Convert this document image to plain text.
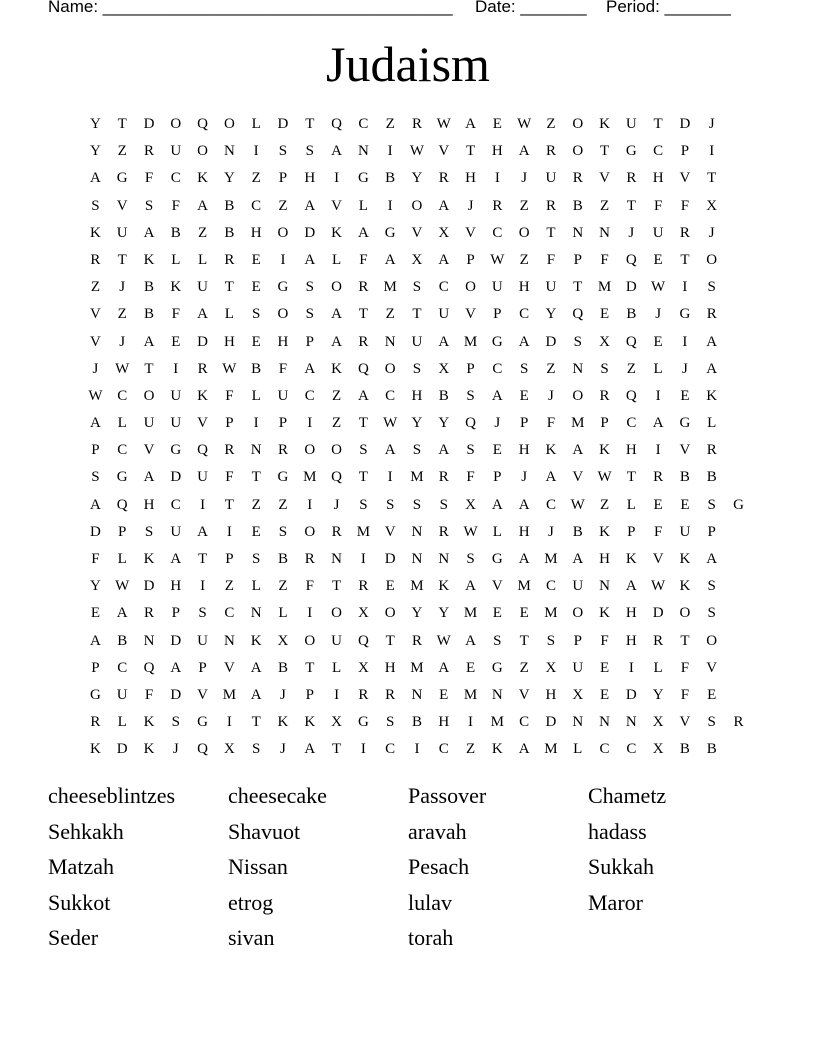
Name: _____________________________________ Date: _______ Period: _______
Judaism
Y	T	D	O	Q	O	L	D	T	Q	C	Z	R W A	E	W	Z	O	K	U	T	D	J
Y	Z	R	U	O	N	I	S	S	A	N	I	W V	T	H	A	R	O	T	G	C	P	I
A	G	F	C	K	Y	Z	P	H	I	G	B	Y	R	H	I	J	U	R	V	R	H	V	T
S	V	S	F	A	B	C	Z	A	V	L	I	O	A	J	R	Z	R	B	Z	T	F	F	X
K	U	A	B	Z	B	H	O	D	K	A	G	V	X	V	C	O	T	N	N	J	U	R	J
R	T	K	L	L	R	E	I	A	L	F	A	X	A	P	W	Z	F	P	F	Q	E	T	O
Z	J	B	K	U	T	E	G	S	O	R	M	S	C	O	U	H	U	T	M D W	I	S
V	Z	B	F	A	L	S	O	S	A	T	Z	T	U	V	P	C	Y	Q	E	B	J	G	R
V	J	A	E	D	H	E	H	P	A	R	N	U	A M G	A	D	S	X	Q	E	I	A
J	W	T	I	R W B	F	A	K	Q	O	S	X	P	C	S	Z	N	S	Z	L	J	A
W C	O	U	K	F	L	U	C	Z	A	C	H	B	S	A	E	J	O	R	Q	I	E	K
A	L	U	U	V	P	I	P	I	Z	T	W Y	Y	Q	J	P	F	M	P	C	A	G	L
P	C	V	G	Q	R	N	R	O	O	S	A	S	A	S	E	H	K	A	K	H	I	V	R
S	G	A	D	U	F	T	G M Q	T	I	M	R	F	P	J	A	V W	T	R	B	B
A	Q	H	C	I	T	Z	Z	I	J	S	S	S	S	X	A	A	C W	Z	L	E	E	S	G
D	P	S	U	A	I	E	S	O	R	M V	N	R W	L	H	J	B	K	P	F	U	P
F	L	K	A	T	P	S	B	R	N	I	D	N	N	S	G	A M A	H	K	V	K	A
Y W D	H	I	Z	L	Z	F	T	R	E	M K	A	V M	C	U	N	A W K	S
E	A	R	P	S	C	N	L	I	O	X	O	Y	Y M	E	E	M O	K	H	D	O	S
A	B	N	D	U	N	K	X	O	U	Q	T	R W A	S	T	S	P	F	H	R	T	O
P	C	Q	A	P	V	A	B	T	L	X	H M A	E	G	Z	X	U	E	I	L	F	V
G	U	F	D	V M A	J	P	I	R	R	N	E	M N	V	H	X	E	D	Y	F	E
R	L	K	S	G	I	T	K	K	X	G	S	B	H	I	M	C	D	N	N	N	X	V	S	R
K	D	K	J	Q	X	S	J	A	T	I	C	I	C	Z	K	A M	L	C	C	X	B	B
cheeseblintzes	cheesecake	Passover	Chametz
Sehkakh	Shavuot	aravah	hadass
Matzah	Nissan	Pesach	Sukkah
Sukkot	etrog	lulav	Maror
Seder	sivan	torah
